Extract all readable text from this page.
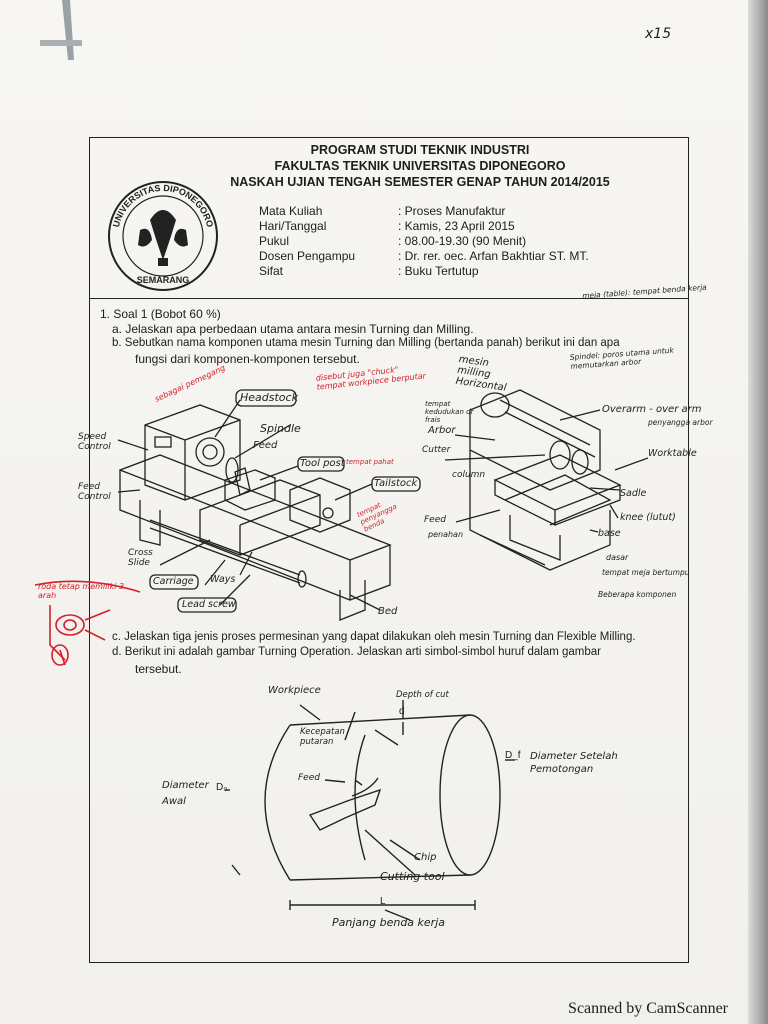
x15
PROGRAM STUDI TEKNIK INDUSTRI
FAKULTAS TEKNIK UNIVERSITAS DIPONEGORO
NASKAH UJIAN TENGAH SEMESTER GENAP TAHUN 2014/2015
UNIVERSITAS DIPONEGORO
SEMARANG
Mata Kuliah	: Proses Manufaktur
Hari/Tanggal	: Kamis, 23 April 2015
Pukul	: 08.00-19.30 (90 Menit)
Dosen Pengampu	: Dr. rer. oec. Arfan Bakhtiar ST. MT.
Sifat	: Buku Tertutup
1. Soal 1 (Bobot 60 %)
a. Jelaskan apa perbedaan utama antara mesin Turning dan Milling.
b. Sebutkan nama komponen utama mesin Turning dan Milling (bertanda panah) berikut ini dan apa
fungsi dari komponen-komponen tersebut.
c. Jelaskan tiga jenis proses permesinan yang dapat dilakukan oleh mesin Turning dan Flexible Milling.
d. Berikut ini adalah gambar Turning Operation. Jelaskan arti simbol-simbol huruf dalam gambar
tersebut.
Headstock
Spindle
Speed Control
Feed Control
Feed
Tool post
Tailstock
Cross Slide
Carriage Ways
Lead screw
Bed
disebut juga "chuck" tempat workpiece berputar
tempat pahat
tempat penyangga benda
sebagai pemegang
roda tetap memiliki 3 arah
mesin milling Horizontal
Arbor
Cutter
column
Overarm - over arm
Worktable
Sadle
knee (lutut)
base
Feed
penahan
dasar
meja (table): tempat benda kerja
Spindel: poros utama untuk memutarkan arbor
tempat kedudukan dr frais	penyangga arbor
tempat meja bertumpu
Beberapa komponen
Workpiece	Depth of cut
Kecepatan putaran
Feed
Diameter Awal
Diameter Setelah Pemotongan
Chip
Cutting tool
Panjang benda kerja
d
D₀
D_f
L
Scanned by CamScanner
